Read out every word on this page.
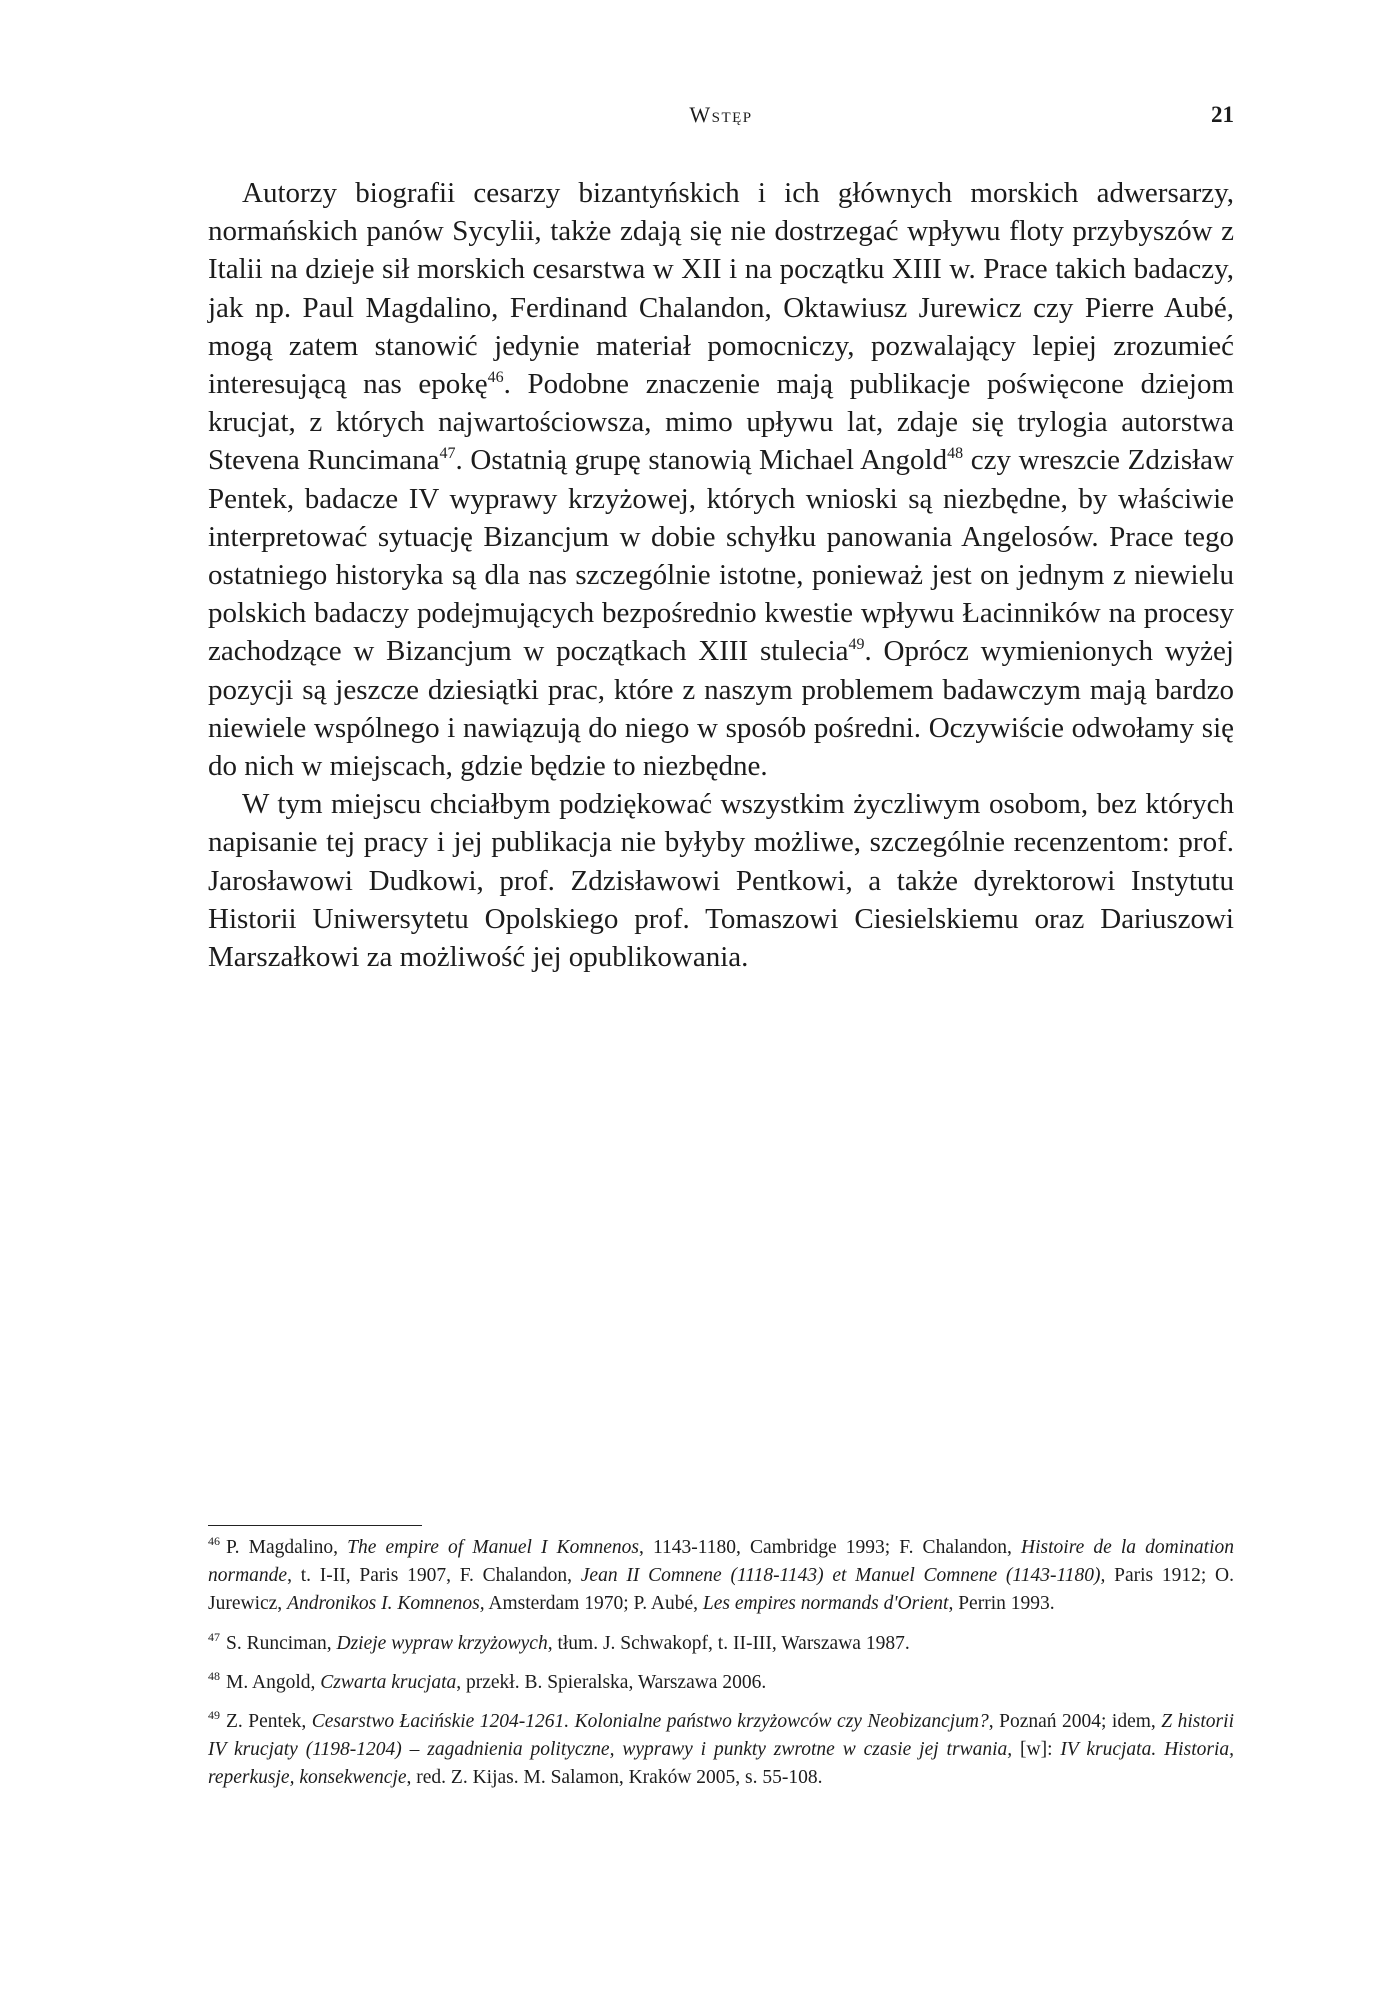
Wstęp	21

Autorzy biografii cesarzy bizantyńskich i ich głównych morskich adwersarzy, normańskich panów Sycylii, także zdają się nie dostrzegać wpływu floty przybyszów z Italii na dzieje sił morskich cesarstwa w XII i na początku XIII w. Prace takich badaczy, jak np. Paul Magdalino, Ferdinand Chalandon, Oktawiusz Jurewicz czy Pierre Aubé, mogą zatem stanowić jedynie materiał pomocniczy, pozwalający lepiej zrozumieć interesującą nas epokę$^{46}$. Podobne znaczenie mają publikacje poświęcone dziejom krucjat, z których najwartościowsza, mimo upływu lat, zdaje się trylogia autorstwa Stevena Runcimana$^{47}$. Ostatnią grupę stanowią Michael Angold$^{48}$ czy wreszcie Zdzisław Pentek, badacze IV wyprawy krzyżowej, których wnioski są niezbędne, by właściwie interpretować sytuację Bizancjum w dobie schyłku panowania Angelosów. Prace tego ostatniego historyka są dla nas szczególnie istotne, ponieważ jest on jednym z niewielu polskich badaczy podejmujących bezpośrednio kwestie wpływu Łacinników na procesy zachodzące w Bizancjum w początkach XIII stulecia$^{49}$. Oprócz wymienionych wyżej pozycji są jeszcze dziesiątki prac, które z naszym problemem badawczym mają bardzo niewiele wspólnego i nawiązują do niego w sposób pośredni. Oczywiście odwołamy się do nich w miejscach, gdzie będzie to niezbędne.

W tym miejscu chciałbym podziękować wszystkim życzliwym osobom, bez których napisanie tej pracy i jej publikacja nie byłyby możliwe, szczególnie recenzentom: prof. Jarosławowi Dudkowi, prof. Zdzisławowi Pentkowi, a także dyrektorowi Instytutu Historii Uniwersytetu Opolskiego prof. Tomaszowi Ciesielskiemu oraz Dariuszowi Marszałkowi za możliwość jej opublikowania.

$^{46}$ P. Magdalino, The empire of Manuel I Komnenos, 1143-1180, Cambridge 1993; F. Chalandon, Histoire de la domination normande, t. I-II, Paris 1907, F. Chalandon, Jean II Comnene (1118-1143) et Manuel Comnene (1143-1180), Paris 1912; O. Jurewicz, Andronikos I. Komnenos, Amsterdam 1970; P. Aubé, Les empires normands d'Orient, Perrin 1993.

$^{47}$ S. Runciman, Dzieje wypraw krzyżowych, tłum. J. Schwakopf, t. II-III, Warszawa 1987.

$^{48}$ M. Angold, Czwarta krucjata, przekł. B. Spieralska, Warszawa 2006.

$^{49}$ Z. Pentek, Cesarstwo Łacińskie 1204-1261. Kolonialne państwo krzyżowców czy Neobizancjum?, Poznań 2004; idem, Z historii IV krucjaty (1198-1204) – zagadnienia polityczne, wyprawy i punkty zwrotne w czasie jej trwania, [w]: IV krucjata. Historia, reperkusje, konsekwencje, red. Z. Kijas. M. Salamon, Kraków 2005, s. 55-108.
